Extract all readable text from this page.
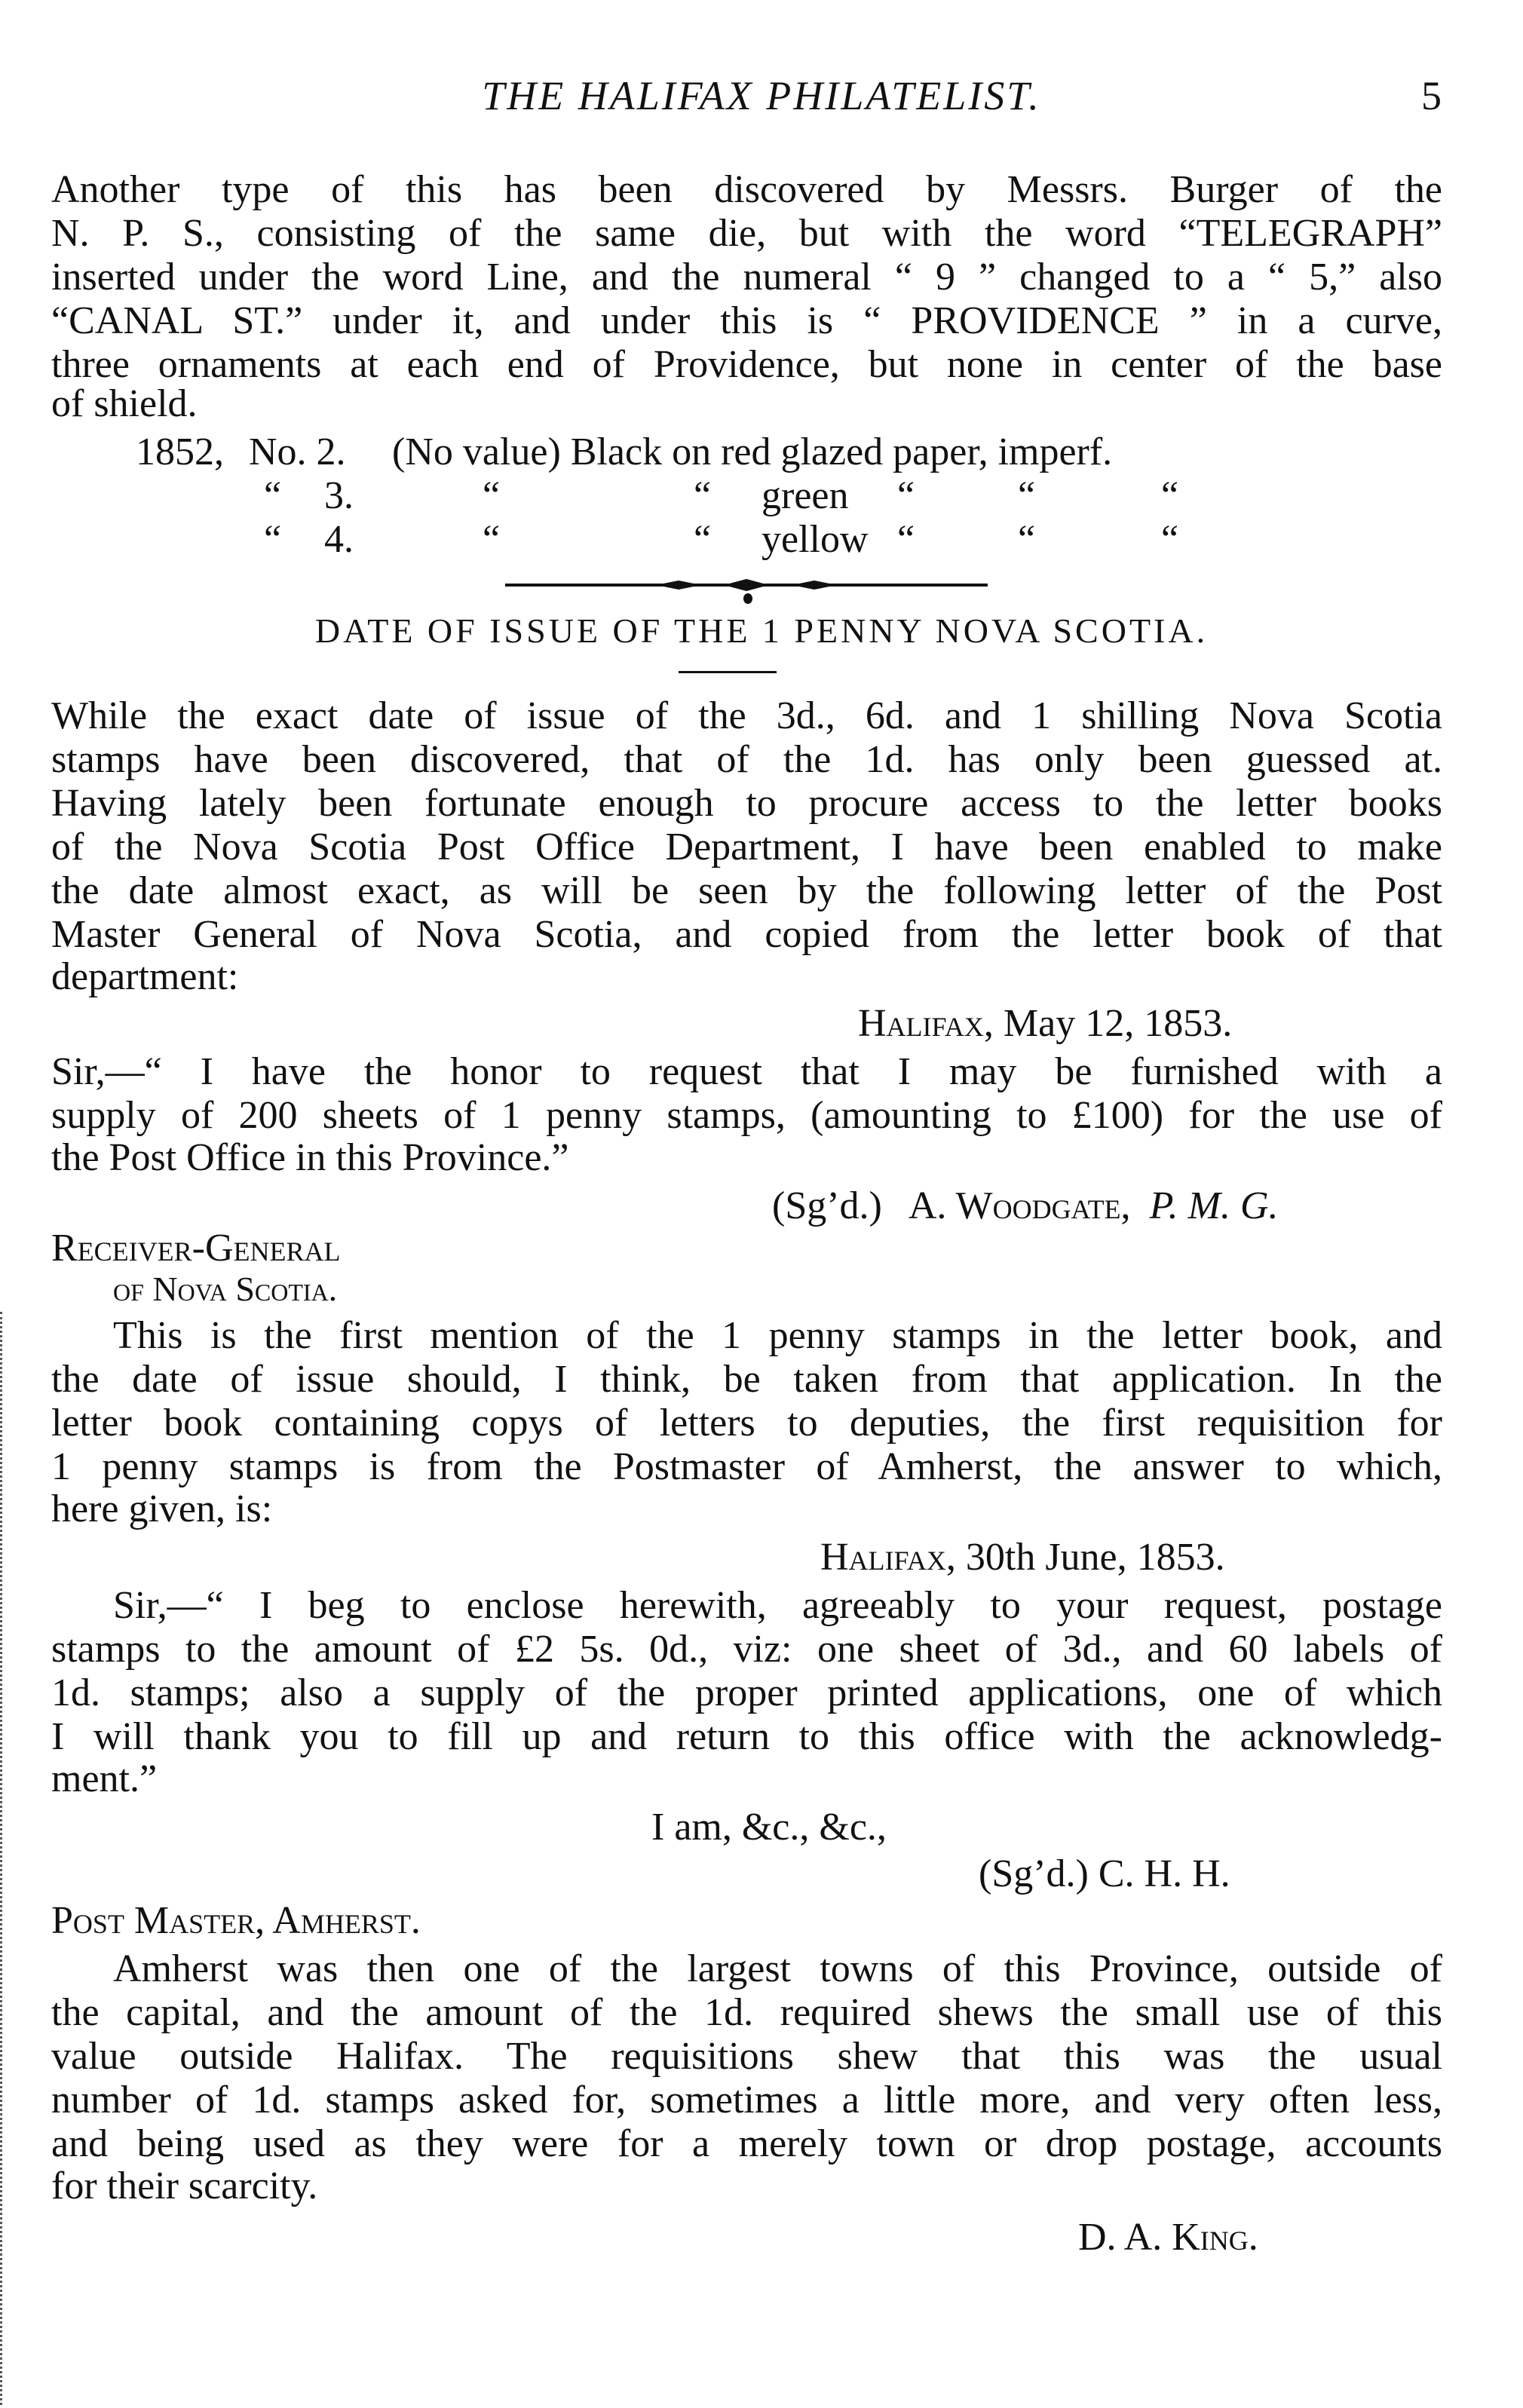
THE HALIFAX PHILATELIST.	5
Another type of this has been discovered by Messrs. Burger of the
N. P. S., consisting of the same die, but with the word “TELEGRAPH”
inserted under the word Line, and the numeral “ 9 ” changed to a “ 5,” also
“CANAL ST.” under it, and under this is “ PROVIDENCE ” in a curve,
three ornaments at each end of Providence, but none in center of the base
of shield.
1852, No. 2. (No value) Black on red glazed paper, imperf.
“ 3.	“	“ green “	“	“
“ 4.	“	“ yellow “	“	“
DATE OF ISSUE OF THE 1 PENNY NOVA SCOTIA.
While the exact date of issue of the 3d., 6d. and 1 shilling Nova Scotia
stamps have been discovered, that of the 1d. has only been guessed at.
Having lately been fortunate enough to procure access to the letter books
of the Nova Scotia Post Office Department, I have been enabled to make
the date almost exact, as will be seen by the following letter of the Post
Master General of Nova Scotia, and copied from the letter book of that
department:
Halifax, May 12, 1853.
Sir,—“ I have the honor to request that I may be furnished with a
supply of 200 sheets of 1 penny stamps, (amounting to £100) for the use of
the Post Office in this Province.”
(Sg’d.) A. Woodgate, P. M. G.
Receiver-General
of Nova Scotia.
This is the first mention of the 1 penny stamps in the letter book, and
the date of issue should, I think, be taken from that application. In the
letter book containing copys of letters to deputies, the first requisition for
1 penny stamps is from the Postmaster of Amherst, the answer to which,
here given, is:
Halifax, 30th June, 1853.
Sir,—“ I beg to enclose herewith, agreeably to your request, postage
stamps to the amount of £2 5s. 0d., viz: one sheet of 3d., and 60 labels of
1d. stamps; also a supply of the proper printed applications, one of which
I will thank you to fill up and return to this office with the acknowledg-
ment.”
I am, &c., &c.,
(Sg’d.) C. H. H.
Post Master, Amherst.
Amherst was then one of the largest towns of this Province, outside of
the capital, and the amount of the 1d. required shews the small use of this
value outside Halifax. The requisitions shew that this was the usual
number of 1d. stamps asked for, sometimes a little more, and very often less,
and being used as they were for a merely town or drop postage, accounts
for their scarcity.
D. A. King.
